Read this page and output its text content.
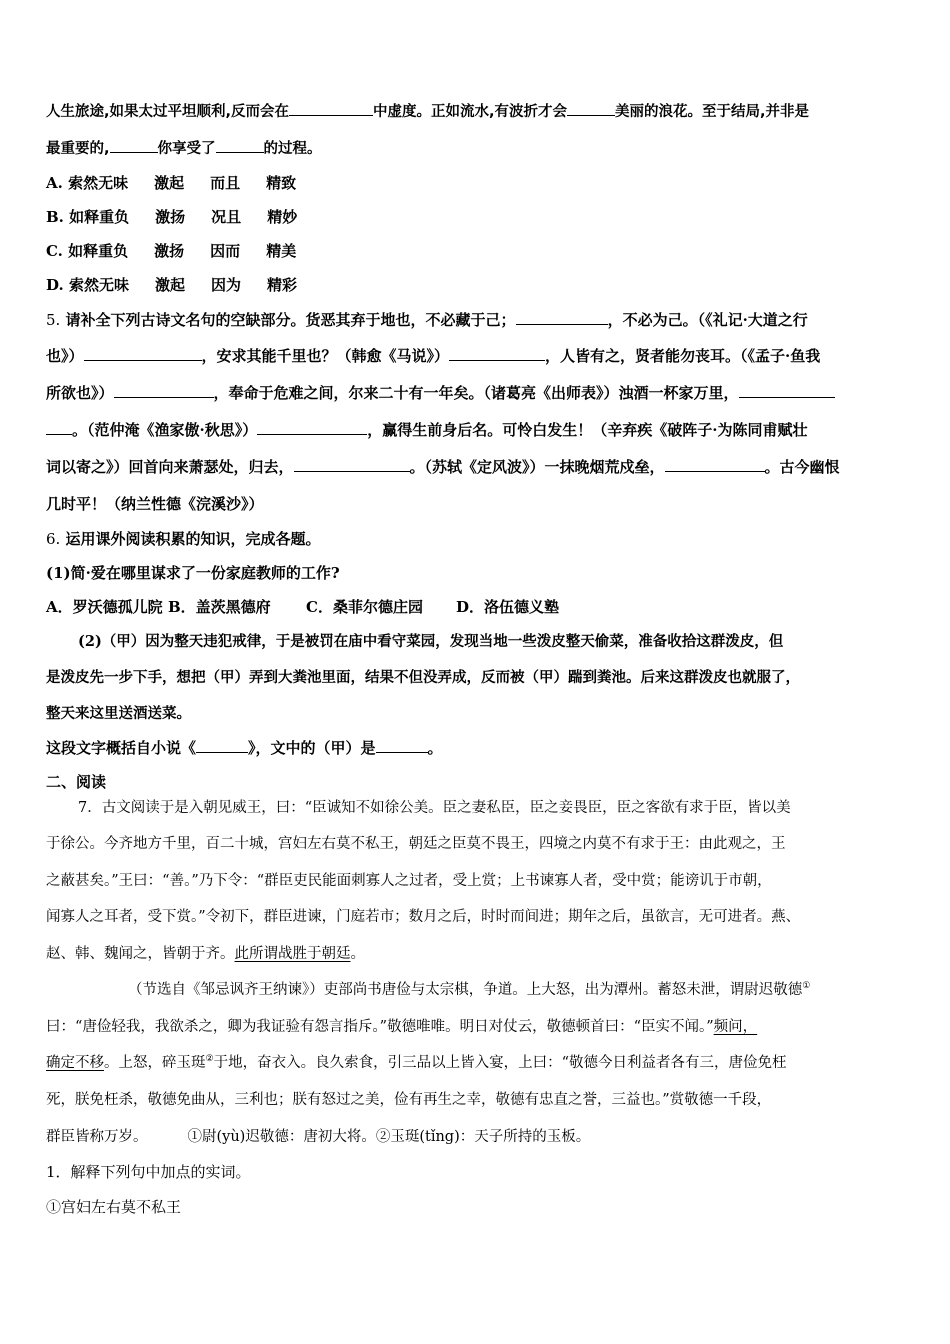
人生旅途,如果太过平坦顺利,反而会在	中虚度。正如流水,有波折才会	美丽的浪花。至于结局,并非是
最重要的,	你享受了	的过程。
A. 索然无味 激起 而且 精致
B. 如释重负 激扬 况且 精妙
C. 如释重负 激扬 因而 精美
D. 索然无味 激起 因为 精彩
5. 请补全下列古诗文名句的空缺部分。货恶其弃于地也，不必藏于己；	，不必为己。（《礼记·大道之行
也》）	，安求其能千里也？（韩愈《马说》）	，人皆有之，贤者能勿丧耳。（《孟子·鱼我
所欲也》）	，奉命于危难之间，尔来二十有一年矣。（诸葛亮《出师表》）浊酒一杯家万里，
。（范仲淹《渔家傲·秋思》）	，赢得生前身后名。可怜白发生！（辛弃疾《破阵子·为陈同甫赋壮
词以寄之》）回首向来萧瑟处，归去，	。（苏轼《定风波》）一抹晚烟荒戍垒，	。古今幽恨
几时平！（纳兰性德《浣溪沙》）
6. 运用课外阅读积累的知识，完成各题。
(1)简·爱在哪里谋求了一份家庭教师的工作?
A．罗沃德孤儿院 B．盖茨黑德府 C．桑菲尔德庄园 D．洛伍德义塾
(2)（甲）因为整天违犯戒律，于是被罚在庙中看守菜园，发现当地一些泼皮整天偷菜，准备收拾这群泼皮，但
是泼皮先一步下手，想把（甲）弄到大粪池里面，结果不但没弄成，反而被（甲）踹到粪池。后来这群泼皮也就服了，
整天来这里送酒送菜。
这段文字概括自小说《	》，文中的（甲）是	。
二、阅读
7．古文阅读于是入朝见威王，曰：“臣诚知不如徐公美。臣之妻私臣，臣之妾畏臣，臣之客欲有求于臣，皆以美
于徐公。今齐地方千里，百二十城，宫妇左右莫不私王，朝廷之臣莫不畏王，四境之内莫不有求于王：由此观之，王
之蔽甚矣。”王曰：“善。”乃下令：“群臣吏民能面刺寡人之过者，受上赏；上书谏寡人者，受中赏；能谤讥于市朝，
闻寡人之耳者，受下赏。”令初下，群臣进谏，门庭若市；数月之后，时时而间进；期年之后，虽欲言，无可进者。燕、
赵、韩、魏闻之，皆朝于齐。此所谓战胜于朝廷。
（节选自《邹忌讽齐王纳谏》）吏部尚书唐俭与太宗棋，争道。上大怒，出为潭州。蓄怒未泄，谓尉迟敬德①
曰：“唐俭轻我，我欲杀之，卿为我证验有怨言指斥。”敬德唯唯。明日对仗云，敬德顿首曰：“臣实不闻。”频问，
确定不移。上怒，碎玉珽②于地，奋衣入。良久索食，引三品以上皆入宴，上曰：“敬德今日利益者各有三，唐俭免枉
死，朕免枉杀，敬德免曲从，三利也；朕有怒过之美，俭有再生之幸，敬德有忠直之誉，三益也。”赏敬德一千段，
群臣皆称万岁。	①尉(yù)迟敬德：唐初大将。②玉珽(tǐng)：天子所持的玉板。
1．解释下列句中加点的实词。
①宫妇左右莫不私王
